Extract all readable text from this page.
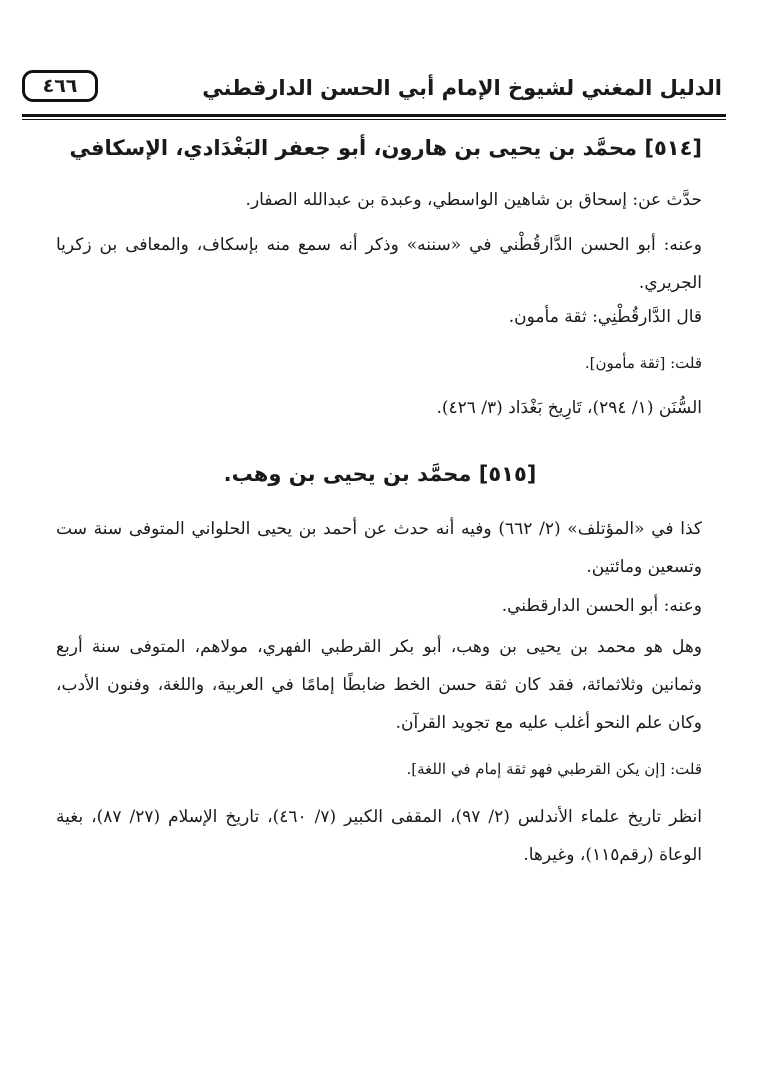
الدليل المغني لشيوخ الإمام أبي الحسن الدارقطني
٤٦٦
[٥١٤] محمَّد بن يحيى بن هارون، أبو جعفر البَغْدَادي، الإسكافي
حدَّث عن: إسحاق بن شاهين الواسطي، وعبدة بن عبدالله الصفار.
وعنه: أبو الحسن الدَّارقُطْني في «سننه» وذكر أنه سمع منه بإسكاف، والمعافى بن زكريا الجريري.
قال الدَّارقُطْنِي: ثقة مأمون.
قلت: [ثقة مأمون].
السُّنَن (١/ ٢٩٤)، تَارِيخ بَغْدَاد (٣/ ٤٢٦).
[٥١٥] محمَّد بن يحيى بن وهب.
كذا في «المؤتلف» (٢/ ٦٦٢) وفيه أنه حدث عن أحمد بن يحيى الحلواني المتوفى سنة ست وتسعين ومائتين.
وعنه: أبو الحسن الدارقطني.
وهل هو محمد بن يحيى بن وهب، أبو بكر القرطبي الفهري، مولاهم، المتوفى سنة أربع وثمانين وثلاثمائة، فقد كان ثقة حسن الخط ضابطًا إمامًا في العربية، واللغة، وفنون الأدب، وكان علم النحو أغلب عليه مع تجويد القرآن.
قلت: [إن يكن القرطبي فهو ثقة إمام في اللغة].
انظر تاريخ علماء الأندلس (٢/ ٩٧)، المقفى الكبير (٧/ ٤٦٠)، تاريخ الإسلام (٢٧/ ٨٧)، بغية الوعاة (رقم١١٥)، وغيرها.
